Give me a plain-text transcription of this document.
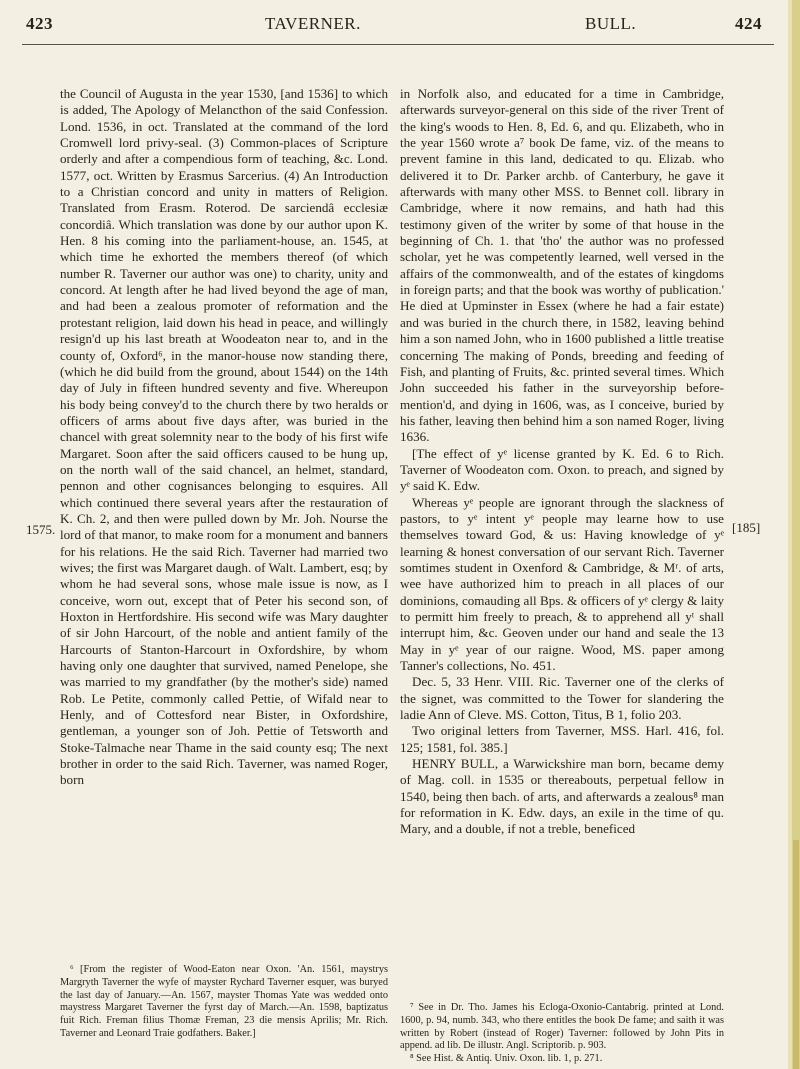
423	TAVERNER.	BULL.	424
1575.	[185]

the Council of Augusta in the year 1530, [and 1536] to which is added, The Apology of Melancthon of the said Confession. Lond. 1536, in oct. Translated at the command of the lord Cromwell lord privy-seal. (3) Common-places of Scripture orderly and after a compendious form of teaching, &c. Lond. 1577, oct. Written by Erasmus Sarcerius. (4) An Introduction to a Christian concord and unity in matters of Religion. Translated from Erasm. Roterod. De sarciendâ ecclesiæ concordiâ. Which translation was done by our author upon K. Hen. 8 his coming into the parliament-house, an. 1545, at which time he exhorted the members thereof (of which number R. Taverner our author was one) to charity, unity and concord. At length after he had lived beyond the age of man, and had been a zealous promoter of reformation and the protestant religion, laid down his head in peace, and willingly resign'd up his last breath at Woodeaton near to, and in the county of, Oxford⁶, in the manor-house now standing there, (which he did build from the ground, about 1544) on the 14th day of July in fifteen hundred seventy and five. Whereupon his body being convey'd to the church there by two heralds or officers of arms about five days after, was buried in the chancel with great solemnity near to the body of his first wife Margaret. Soon after the said officers caused to be hung up, on the north wall of the said chancel, an helmet, standard, pennon and other cognisances belonging to esquires. All which continued there several years after the restauration of K. Ch. 2, and then were pulled down by Mr. Joh. Nourse the lord of that manor, to make room for a monument and banners for his relations. He the said Rich. Taverner had married two wives; the first was Margaret daugh. of Walt. Lambert, esq; by whom he had several sons, whose male issue is now, as I conceive, worn out, except that of Peter his second son, of Hoxton in Hertfordshire. His second wife was Mary daughter of sir John Harcourt, of the noble and antient family of the Harcourts of Stanton-Harcourt in Oxfordshire, by whom having only one daughter that survived, named Penelope, she was married to my grandfather (by the mother's side) named Rob. Le Petite, commonly called Pettie, of Wifald near to Henly, and of Cottesford near Bister, in Oxfordshire, gentleman, a younger son of Joh. Pettie of Tetsworth and Stoke-Talmache near Thame in the said county esq; The next brother in order to the said Rich. Taverner, was named Roger, born

⁶ [From the register of Wood-Eaton near Oxon. 'An. 1561, maystrys Margryth Taverner the wyfe of mayster Rychard Taverner esquer, was buryed the last day of January.—An. 1567, mayster Thomas Yate was wedded onto maystress Margaret Taverner the fyrst day of March.—An. 1598, baptizatus fuit Rich. Freman filius Thomæ Freman, 23 die mensis Aprilis; Mr. Rich. Taverner and Leonard Traie godfathers. Baker.]

in Norfolk also, and educated for a time in Cambridge, afterwards surveyor-general on this side of the river Trent of the king's woods to Hen. 8, Ed. 6, and qu. Elizabeth, who in the year 1560 wrote a⁷ book De fame, viz. of the means to prevent famine in this land, dedicated to qu. Elizab. who delivered it to Dr. Parker archb. of Canterbury, he gave it afterwards with many other MSS. to Bennet coll. library in Cambridge, where it now remains, and hath had this testimony given of the writer by some of that house in the beginning of Ch. 1. that 'tho' the author was no professed scholar, yet he was competently learned, well versed in the affairs of the commonwealth, and of the estates of kingdoms in foreign parts; and that the book was worthy of publication.' He died at Upminster in Essex (where he had a fair estate) and was buried in the church there, in 1582, leaving behind him a son named John, who in 1600 published a little treatise concerning The making of Ponds, breeding and feeding of Fish, and planting of Fruits, &c. printed several times. Which John succeeded his father in the surveyorship before-mention'd, and dying in 1606, was, as I conceive, buried by his father, leaving then behind him a son named Roger, living 1636.

[The effect of yᵉ license granted by K. Ed. 6 to Rich. Taverner of Woodeaton com. Oxon. to preach, and signed by yᵉ said K. Edw.

Whereas yᵉ people are ignorant through the slackness of pastors, to yᵉ intent yᵉ people may learne how to use themselves toward God, & us: Having knowledge of yᵉ learning & honest conversation of our servant Rich. Taverner somtimes student in Oxenford & Cambridge, & Mʳ. of arts, wee have authorized him to preach in all places of our dominions, comauding all Bps. & officers of yᵉ clergy & laity to permitt him freely to preach, & to apprehend all yᵗ shall interrupt him, &c. Geoven under our hand and seale the 13 May in yᵉ year of our raigne. Wood, MS. paper among Tanner's collections, No. 451.

Dec. 5, 33 Henr. VIII. Ric. Taverner one of the clerks of the signet, was committed to the Tower for slandering the ladie Ann of Cleve. MS. Cotton, Titus, B 1, folio 203.

Two original letters from Taverner, MSS. Harl. 416, fol. 125; 1581, fol. 385.]

HENRY BULL, a Warwickshire man born, became demy of Mag. coll. in 1535 or thereabouts, perpetual fellow in 1540, being then bach. of arts, and afterwards a zealous⁸ man for reformation in K. Edw. days, an exile in the time of qu. Mary, and a double, if not a treble, beneficed

⁷ See in Dr. Tho. James his Ecloga-Oxonio-Cantabrig. printed at Lond. 1600, p. 94, numb. 343, who there entitles the book De fame; and saith it was written by Robert (instead of Roger) Taverner: followed by John Pits in append. ad lib. De illustr. Angl. Scriptorib. p. 903.

⁸ See Hist. & Antiq. Univ. Oxon. lib. 1, p. 271.
